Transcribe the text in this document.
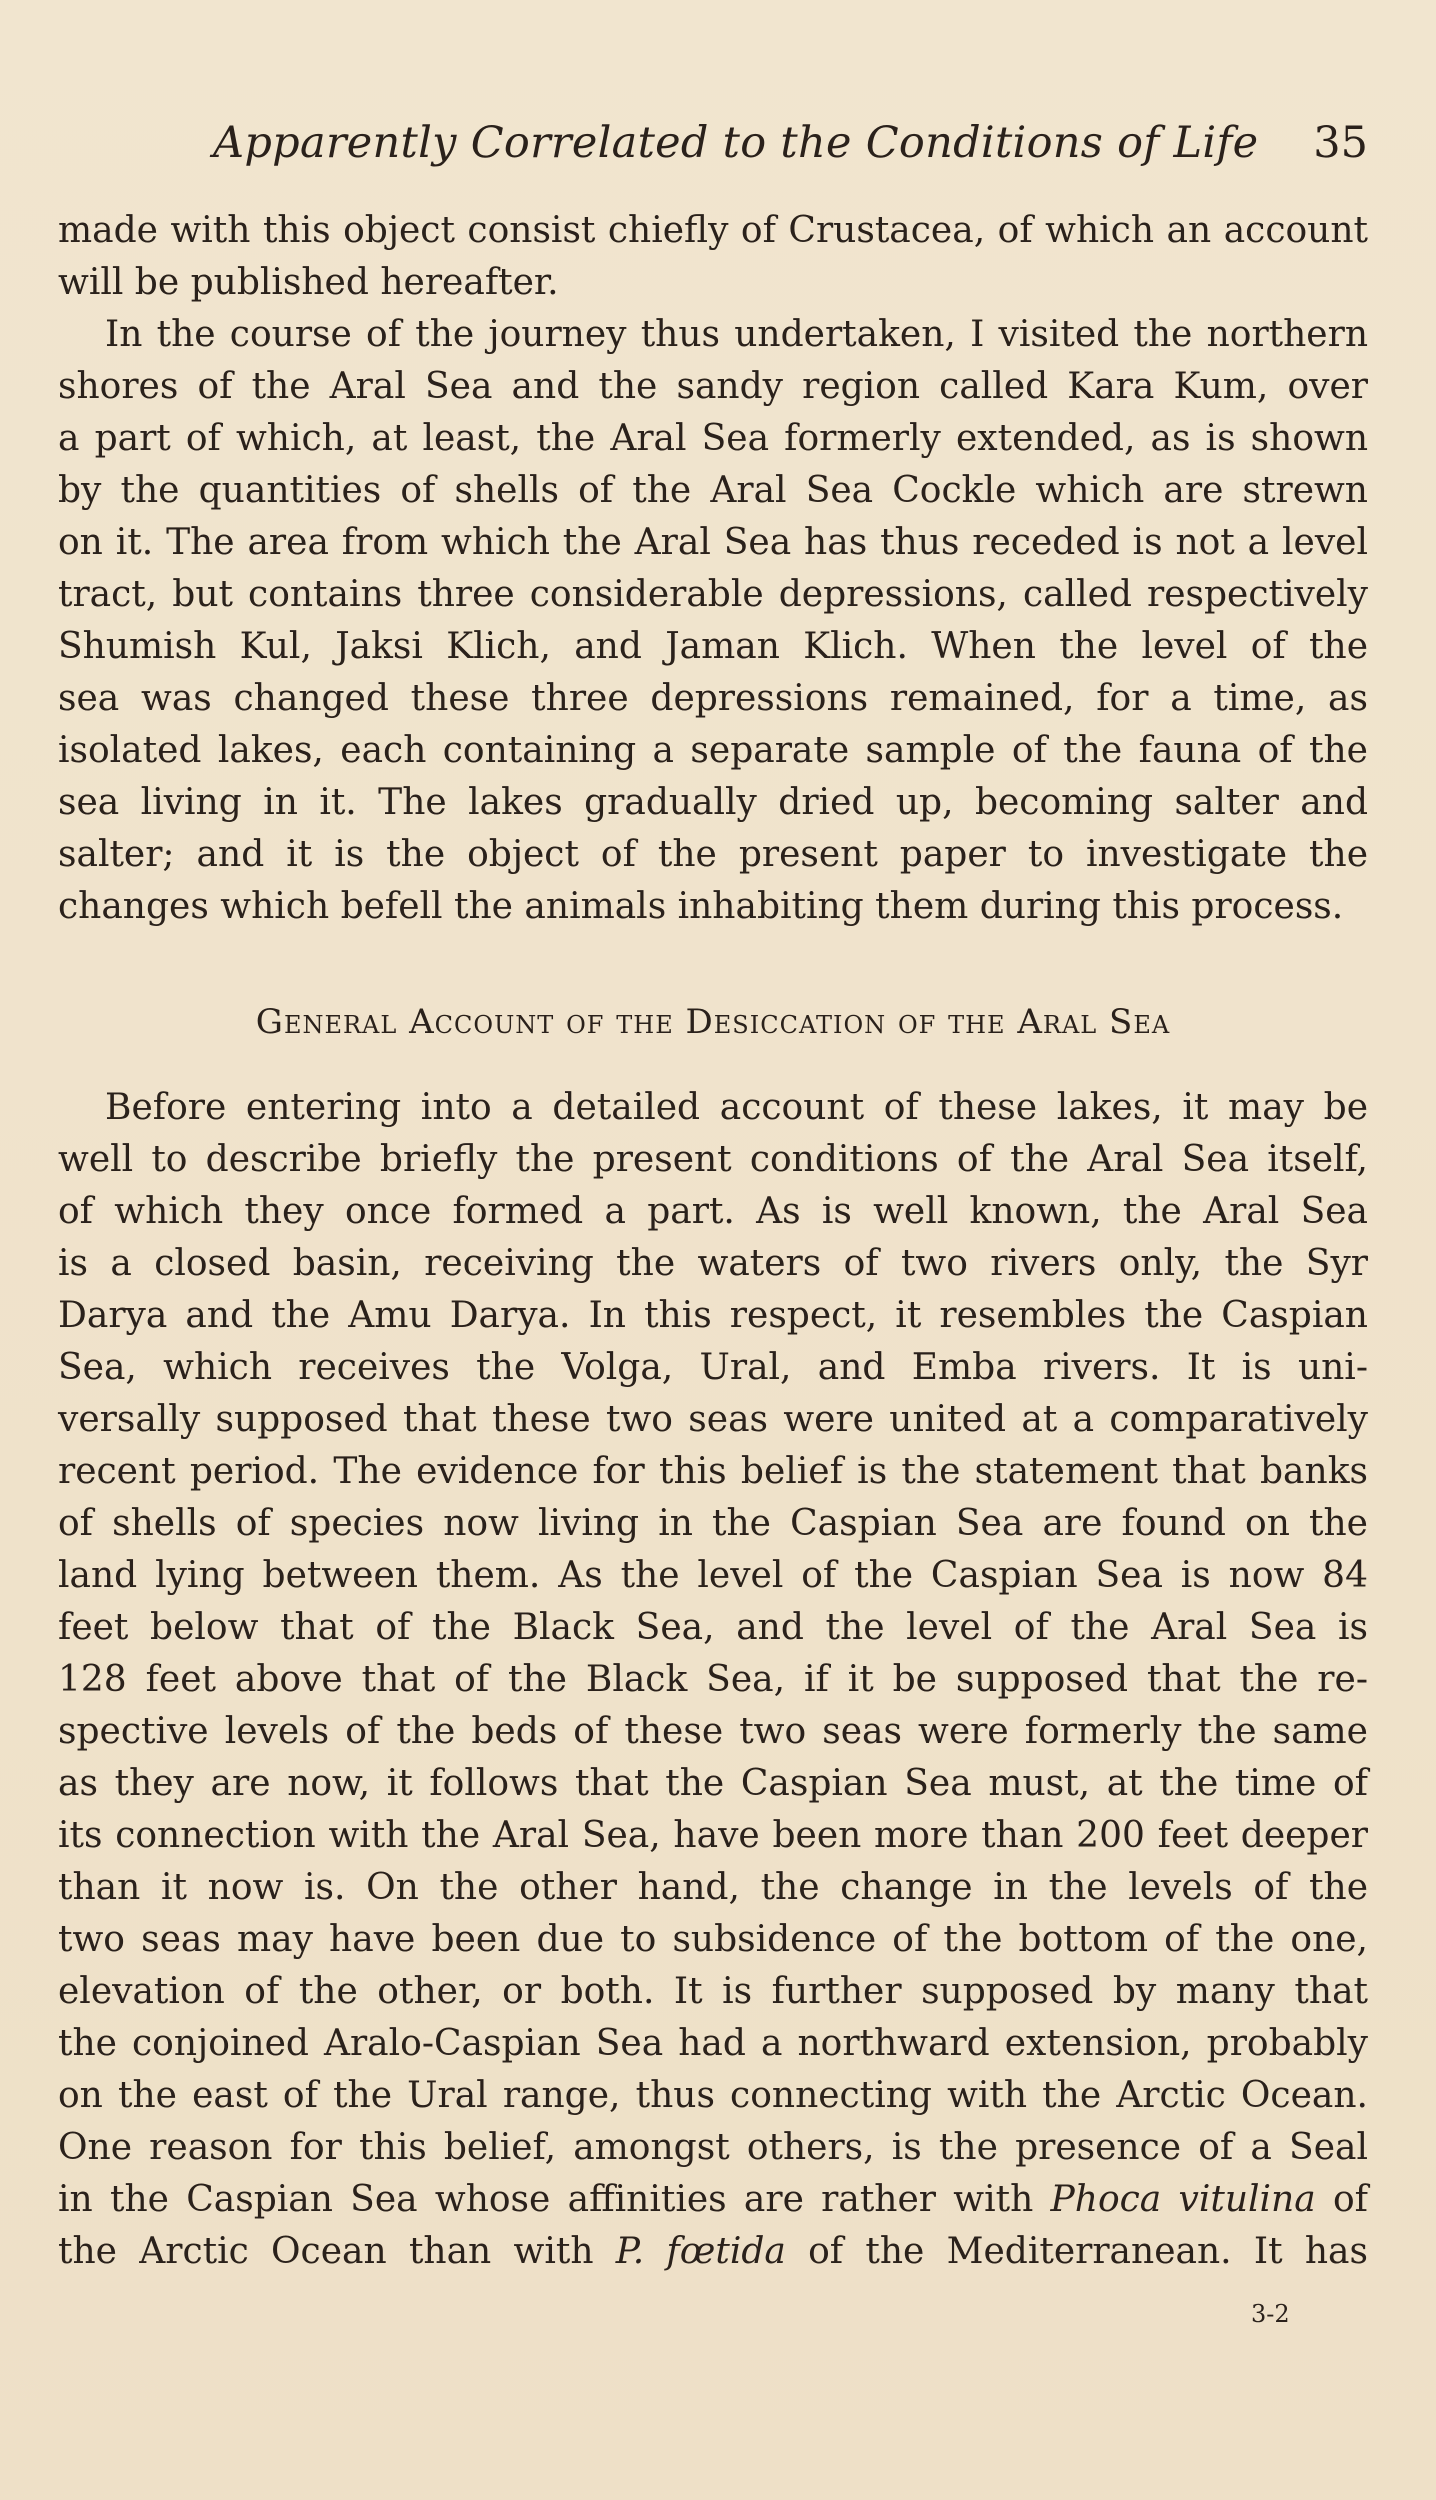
Apparently Correlated to the Conditions of Life 35
made with this object consist chiefly of Crustacea, of which an account
will be published hereafter.
In the course of the journey thus undertaken, I visited the northern
shores of the Aral Sea and the sandy region called Kara Kum, over
a part of which, at least, the Aral Sea formerly extended, as is shown
by the quantities of shells of the Aral Sea Cockle which are strewn
on it. The area from which the Aral Sea has thus receded is not a level
tract, but contains three considerable depressions, called respectively
Shumish Kul, Jaksi Klich, and Jaman Klich. When the level of the
sea was changed these three depressions remained, for a time, as
isolated lakes, each containing a separate sample of the fauna of the
sea living in it. The lakes gradually dried up, becoming salter and
salter; and it is the object of the present paper to investigate the
changes which befell the animals inhabiting them during this process.
General Account of the Desiccation of the Aral Sea
Before entering into a detailed account of these lakes, it may be
well to describe briefly the present conditions of the Aral Sea itself,
of which they once formed a part. As is well known, the Aral Sea
is a closed basin, receiving the waters of two rivers only, the Syr
Darya and the Amu Darya. In this respect, it resembles the Caspian
Sea, which receives the Volga, Ural, and Emba rivers. It is uni-
versally supposed that these two seas were united at a comparatively
recent period. The evidence for this belief is the statement that banks
of shells of species now living in the Caspian Sea are found on the
land lying between them. As the level of the Caspian Sea is now 84
feet below that of the Black Sea, and the level of the Aral Sea is
128 feet above that of the Black Sea, if it be supposed that the re-
spective levels of the beds of these two seas were formerly the same
as they are now, it follows that the Caspian Sea must, at the time of
its connection with the Aral Sea, have been more than 200 feet deeper
than it now is. On the other hand, the change in the levels of the
two seas may have been due to subsidence of the bottom of the one,
elevation of the other, or both. It is further supposed by many that
the conjoined Aralo-Caspian Sea had a northward extension, probably
on the east of the Ural range, thus connecting with the Arctic Ocean.
One reason for this belief, amongst others, is the presence of a Seal
in the Caspian Sea whose affinities are rather with Phoca vitulina of
the Arctic Ocean than with P. fœtida of the Mediterranean. It has
3-2
